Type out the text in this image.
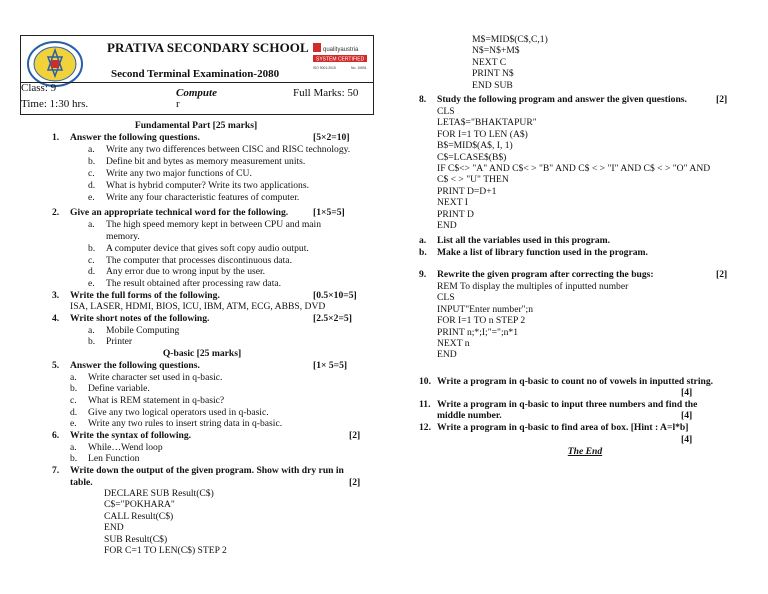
PRATIVA SECONDARY SCHOOL qualityaustria
SYSTEM CERTIFIED
ISO 9001:2015	No. 10691
Second Terminal Examination-2080
Class: 9
Time: 1:30 hrs.
Compute
r
Full Marks: 50
Fundamental Part [25 marks]
1. Answer the following questions.	[5×2=10]
a. Write any two differences between CISC and RISC technology.
b. Define bit and bytes as memory measurement units.
c. Write any two major functions of CU.
d. What is hybrid computer? Write its two applications.
e. Write any four characteristic features of computer.
2. Give an appropriate technical word for the following.	[1×5=5]
a. The high speed memory kept in between CPU and main
memory.
b. A computer device that gives soft copy audio output.
c. The computer that processes discontinuous data.
d. Any error due to wrong input by the user.
e. The result obtained after processing raw data.
3. Write the full forms of the following.	[0.5×10=5]
ISA, LASER, HDMI, BIOS, ICU, IBM, ATM, ECG, ABBS, DVD
4. Write short notes of the following.	[2.5×2=5]
a. Mobile Computing
b. Printer
Q-basic [25 marks]
5. Answer the following questions.	[1× 5=5]
a. Write character set used in q-basic.
b. Define variable.
c. What is REM statement in q-basic?
d. Give any two logical operators used in q-basic.
e. Write any two rules to insert string data in q-basic.
6. Write the syntax of following.	[2]
a. While…Wend loop
b. Len Function
7. Write down the output of the given program. Show with dry run in
table.	[2]
DECLARE SUB Result(C$)
C$="POKHARA"
CALL Result(C$)
END
SUB Result(C$)
FOR C=1 TO LEN(C$) STEP 2
M$=MID$(C$,C,1)
N$=N$+M$
NEXT C
PRINT N$
END SUB
8. Study the following program and answer the given questions.	[2]
CLS
LETA$="BHAKTAPUR"
FOR I=1 TO LEN (A$)
B$=MID$(A$, I, 1)
C$=LCASE$(B$)
IF C$<> "A" AND C$< > "B" AND C$ < > "I" AND C$ < > "O" AND
C$ < > "U" THEN
PRINT D=D+1
NEXT I
PRINT D
END
a. List all the variables used in this program.
b. Make a list of library function used in the program.
9. Rewrite the given program after correcting the bugs:	[2]
REM To display the multiples of inputted number
CLS
INPUT"Enter number";n
FOR I=1 TO n STEP 2
PRINT n;*;I;"=";n*1
NEXT n
END
10. Write a program in q-basic to count no of vowels in inputted string.
[4]
11. Write a program in q-basic to input three numbers and find the
middle number.	[4]
12. Write a program in q-basic to find area of box. [Hint : A=l*b]
[4]
The End
